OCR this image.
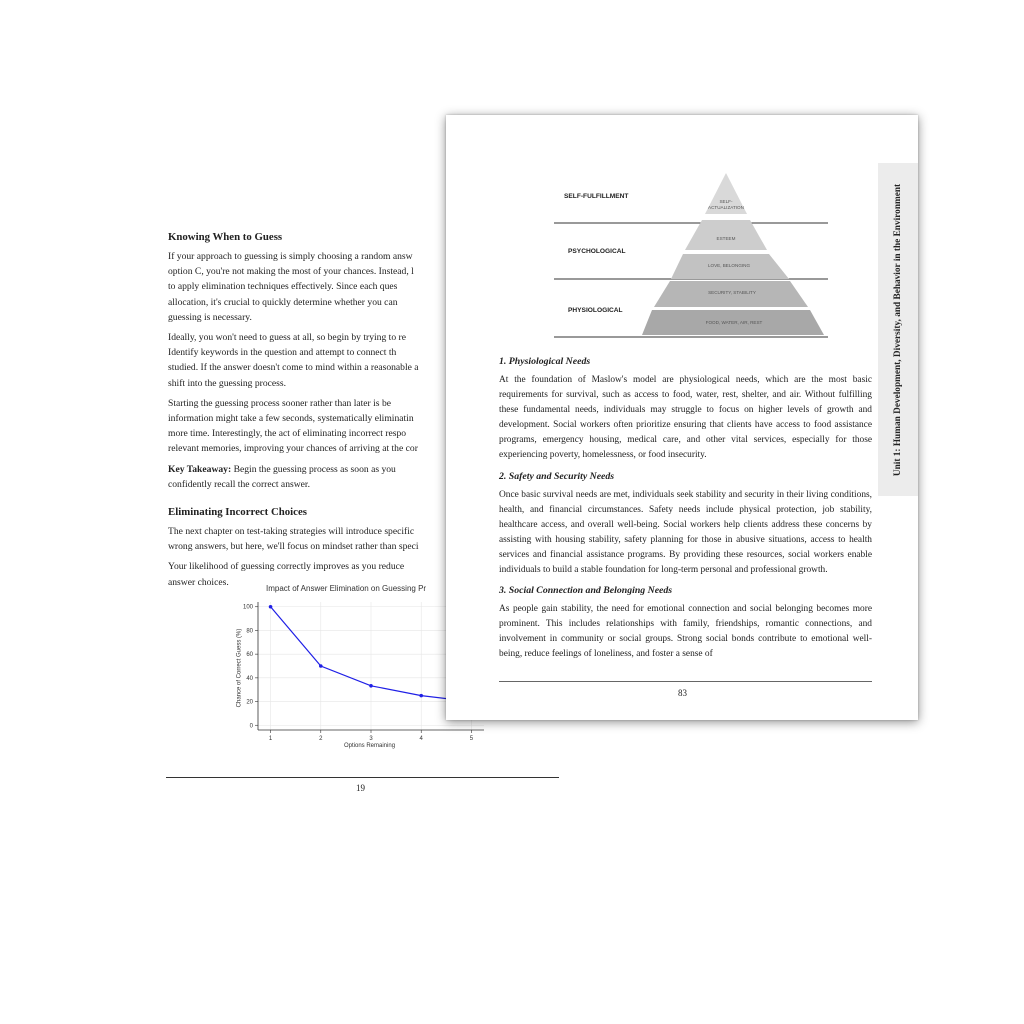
Knowing When to Guess
If your approach to guessing is simply choosing a random answ
option C, you're not making the most of your chances. Instead, l
to apply elimination techniques effectively. Since each ques
allocation, it's crucial to quickly determine whether you can
guessing is necessary.
Ideally, you won't need to guess at all, so begin by trying to re
Identify keywords in the question and attempt to connect th
studied. If the answer doesn't come to mind within a reasonable a
shift into the guessing process.
Starting the guessing process sooner rather than later is be
information might take a few seconds, systematically eliminatin
more time. Interestingly, the act of eliminating incorrect respo
relevant memories, improving your chances of arriving at the cor
Key Takeaway: Begin the guessing process as soon as you
confidently recall the correct answer.
Eliminating Incorrect Choices
The next chapter on test-taking strategies will introduce specific
wrong answers, but here, we'll focus on mindset rather than speci
Your likelihood of guessing correctly improves as you reduce
answer choices.
Impact of Answer Elimination on Guessing Pr
0
20
40
60
80
100
1	2	3	4	5
Options Remaining
Chance of Correct Guess (%)
19
Unit 1: Human Development, Diversity, and Behavior in the Environment
SELF-FULFILLMENT
PSYCHOLOGICAL
PHYSIOLOGICAL
SELF-
ACTUALIZATION
ESTEEM
LOVE, BELONGING
SECURITY, STABILITY
FOOD, WATER, AIR, REST
1. Physiological Needs

At the foundation of Maslow's model are physiological needs, which are the most basic requirements for survival, such as access to food, water, rest, shelter, and air. Without fulfilling these fundamental needs, individuals may struggle to focus on higher levels of growth and development. Social workers often prioritize ensuring that clients have access to food assistance programs, emergency housing, medical care, and other vital services, especially for those experiencing poverty, homelessness, or food insecurity.

2. Safety and Security Needs

Once basic survival needs are met, individuals seek stability and security in their living conditions, health, and financial circumstances. Safety needs include physical protection, job stability, healthcare access, and overall well-being. Social workers help clients address these concerns by assisting with housing stability, safety planning for those in abusive situations, access to health services and financial assistance programs. By providing these resources, social workers enable individuals to build a stable foundation for long-term personal and professional growth.

3. Social Connection and Belonging Needs

As people gain stability, the need for emotional connection and social belonging becomes more prominent. This includes relationships with family, friendships, romantic connections, and involvement in community or social groups. Strong social bonds contribute to emotional well-being, reduce feelings of loneliness, and foster a sense of

83
